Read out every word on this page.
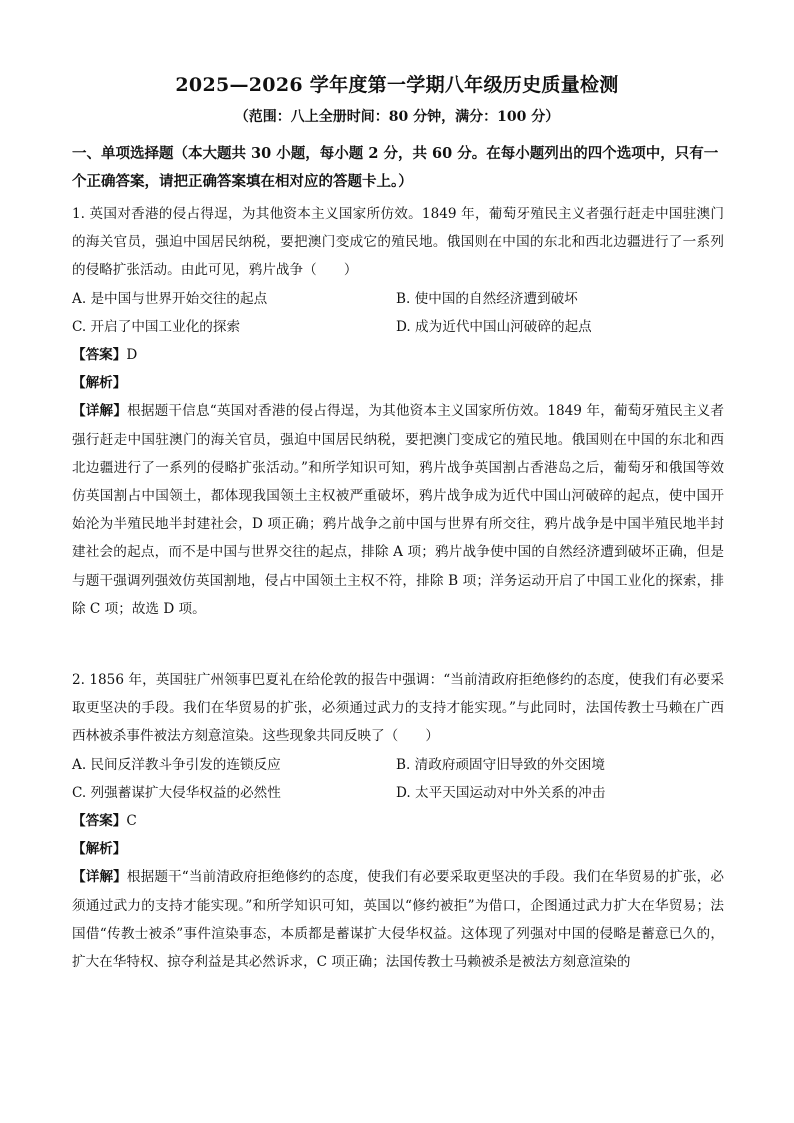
2025—2026 学年度第一学期八年级历史质量检测
（范围：八上全册时间：80 分钟，满分：100 分）
一、单项选择题（本大题共 30 小题，每小题 2 分，共 60 分。在每小题列出的四个选项中，只有一个正确答案，请把正确答案填在相对应的答题卡上。）
1. 英国对香港的侵占得逞，为其他资本主义国家所仿效。1849 年，葡萄牙殖民主义者强行赶走中国驻澳门的海关官员，强迫中国居民纳税，要把澳门变成它的殖民地。俄国则在中国的东北和西北边疆进行了一系列的侵略扩张活动。由此可见，鸦片战争（　　）
A. 是中国与世界开始交往的起点	B. 使中国的自然经济遭到破坏
C. 开启了中国工业化的探索	D. 成为近代中国山河破碎的起点
【答案】D
【解析】

【详解】根据题干信息“英国对香港的侵占得逞，为其他资本主义国家所仿效。1849 年，葡萄牙殖民主义者强行赶走中国驻澳门的海关官员，强迫中国居民纳税，要把澳门变成它的殖民地。俄国则在中国的东北和西北边疆进行了一系列的侵略扩张活动。”和所学知识可知，鸦片战争英国割占香港岛之后，葡萄牙和俄国等效仿英国割占中国领土，都体现我国领土主权被严重破坏，鸦片战争成为近代中国山河破碎的起点，使中国开始沦为半殖民地半封建社会，D 项正确；鸦片战争之前中国与世界有所交往，鸦片战争是中国半殖民地半封建社会的起点，而不是中国与世界交往的起点，排除 A 项；鸦片战争使中国的自然经济遭到破坏正确，但是与题干强调列强效仿英国割地，侵占中国领土主权不符，排除 B 项；洋务运动开启了中国工业化的探索，排除 C 项；故选 D 项。

2. 1856 年，英国驻广州领事巴夏礼在给伦敦的报告中强调：“当前清政府拒绝修约的态度，使我们有必要采取更坚决的手段。我们在华贸易的扩张，必须通过武力的支持才能实现。”与此同时，法国传教士马赖在广西西林被杀事件被法方刻意渲染。这些现象共同反映了（　　）
A. 民间反洋教斗争引发的连锁反应	B. 清政府顽固守旧导致的外交困境
C. 列强蓄谋扩大侵华权益的必然性	D. 太平天国运动对中外关系的冲击
【答案】C
【解析】

【详解】根据题干“当前清政府拒绝修约的态度，使我们有必要采取更坚决的手段。我们在华贸易的扩张，必须通过武力的支持才能实现。”和所学知识可知，英国以“修约被拒”为借口，企图通过武力扩大在华贸易；法国借“传教士被杀”事件渲染事态，本质都是蓄谋扩大侵华权益。这体现了列强对中国的侵略是蓄意已久的，扩大在华特权、掠夺利益是其必然诉求，C 项正确；法国传教士马赖被杀是被法方刻意渲染的
